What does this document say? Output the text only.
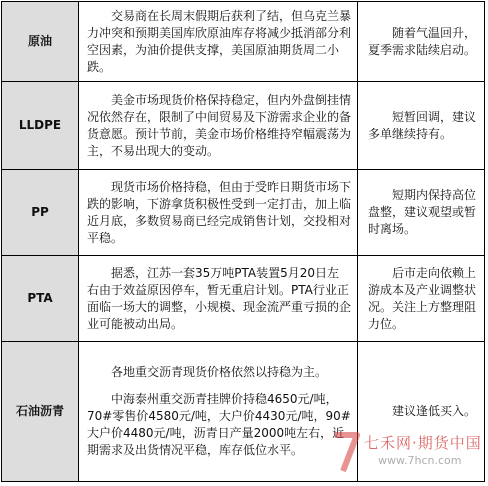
原油	交易商在长周末假期后获利了结，但乌克兰暴力冲突和预期美国库欣原油库存将减少抵消部分利空因素，为油价提供支撑，美国原油期货周二小跌。	随着气温回升，夏季需求陆续启动。

LLDPE	美金市场现货价格保持稳定，但内外盘倒挂情况依然存在，限制了中间贸易及下游需求企业的备货意愿。预计节前，美金市场价格维持窄幅震荡为主，不易出现大的变动。	短暂回调，建议多单继续持有。

PP	现货市场价格持稳，但由于受昨日期货市场下跌的影响，下游拿货积极性受到一定打击，加上临近月底，多数贸易商已经完成销售计划，交投相对平稳。	短期内保持高位盘整，建议观望或暂时离场。

PTA	据悉，江苏一套35万吨PTA装置5月20日左右由于效益原因停车，暂无重启计划。PTA行业正面临一场大的调整，小规模、现金流严重亏损的企业可能被动出局。	后市走向依赖上游成本及产业调整状况。关注上方整理阻力位。

石油沥青	各地重交沥青现货价格依然以持稳为主。
中海泰州重交沥青挂牌价持稳4650元/吨，70#零售价4580元/吨，大户价4430元/吨，90#大户价4480元/吨，沥青日产量2000吨左右，近期需求及出货情况平稳，库存低位水平。	建议逢低买入。
七禾网·期货中国
www.7hcn.com
